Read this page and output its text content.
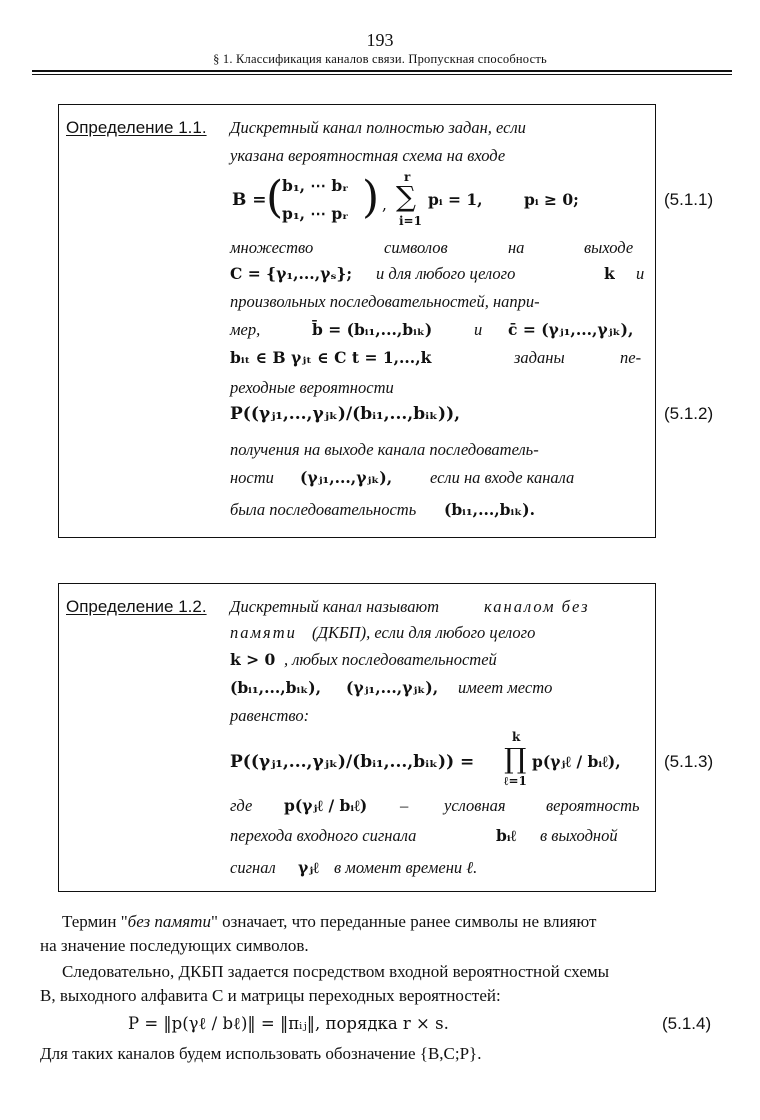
193
§ 1. Классификация каналов связи. Пропускная способность
Определение 1.1. Дискретный канал полностью задан, если
указана вероятностная схема на входе
B = (
b₁, ⋯ bᵣ
p₁, ⋯ pᵣ ) ,
r
∑
i=1
pᵢ = 1,	pᵢ ≥ 0;	(5.1.1)
множество	символов	на	выходе
C = {γ₁,...,γₛ}; и для любого целого	k и
произвольных последовательностей, напри-
мер,	b̄ = (bᵢ₁,...,bᵢₖ)	и c̄ = (γⱼ₁,...,γⱼₖ),
bᵢₜ ∈ B γⱼₜ ∈ C t = 1,...,k	заданы	пе-
реходные вероятности
P((γⱼ₁,...,γⱼₖ)/(bᵢ₁,...,bᵢₖ)),	(5.1.2)
получения на выходе канала последователь-
ности (γⱼ₁,...,γⱼₖ), если на входе канала
была последовательность (bᵢ₁,...,bᵢₖ).
Определение 1.2. Дискретный канал называют	каналом без
памяти (ДКБП), если для любого целого
k > 0 , любых последовательностей
(bᵢ₁,...,bᵢₖ), (γⱼ₁,...,γⱼₖ), имеет место
равенство:
P((γⱼ₁,...,γⱼₖ)/(bᵢ₁,...,bᵢₖ)) =
k
∏
ℓ=1
p(γⱼℓ / bᵢℓ),	(5.1.3)
где p(γⱼℓ / bᵢℓ) – условная вероятность
перехода входного сигнала	bᵢℓ в выходной
сигнал γⱼℓ в момент времени ℓ.
Термин "без памяти" означает, что переданные ранее символы не влияют
на значение последующих символов.
Следовательно, ДКБП задается посредством входной вероятностной схемы
B, выходного алфавита C и матрицы переходных вероятностей:
P = ‖p(γℓ / bℓ)‖ = ‖πᵢⱼ‖, порядка r × s.	(5.1.4)
Для таких каналов будем использовать обозначение {B,C;P}.
